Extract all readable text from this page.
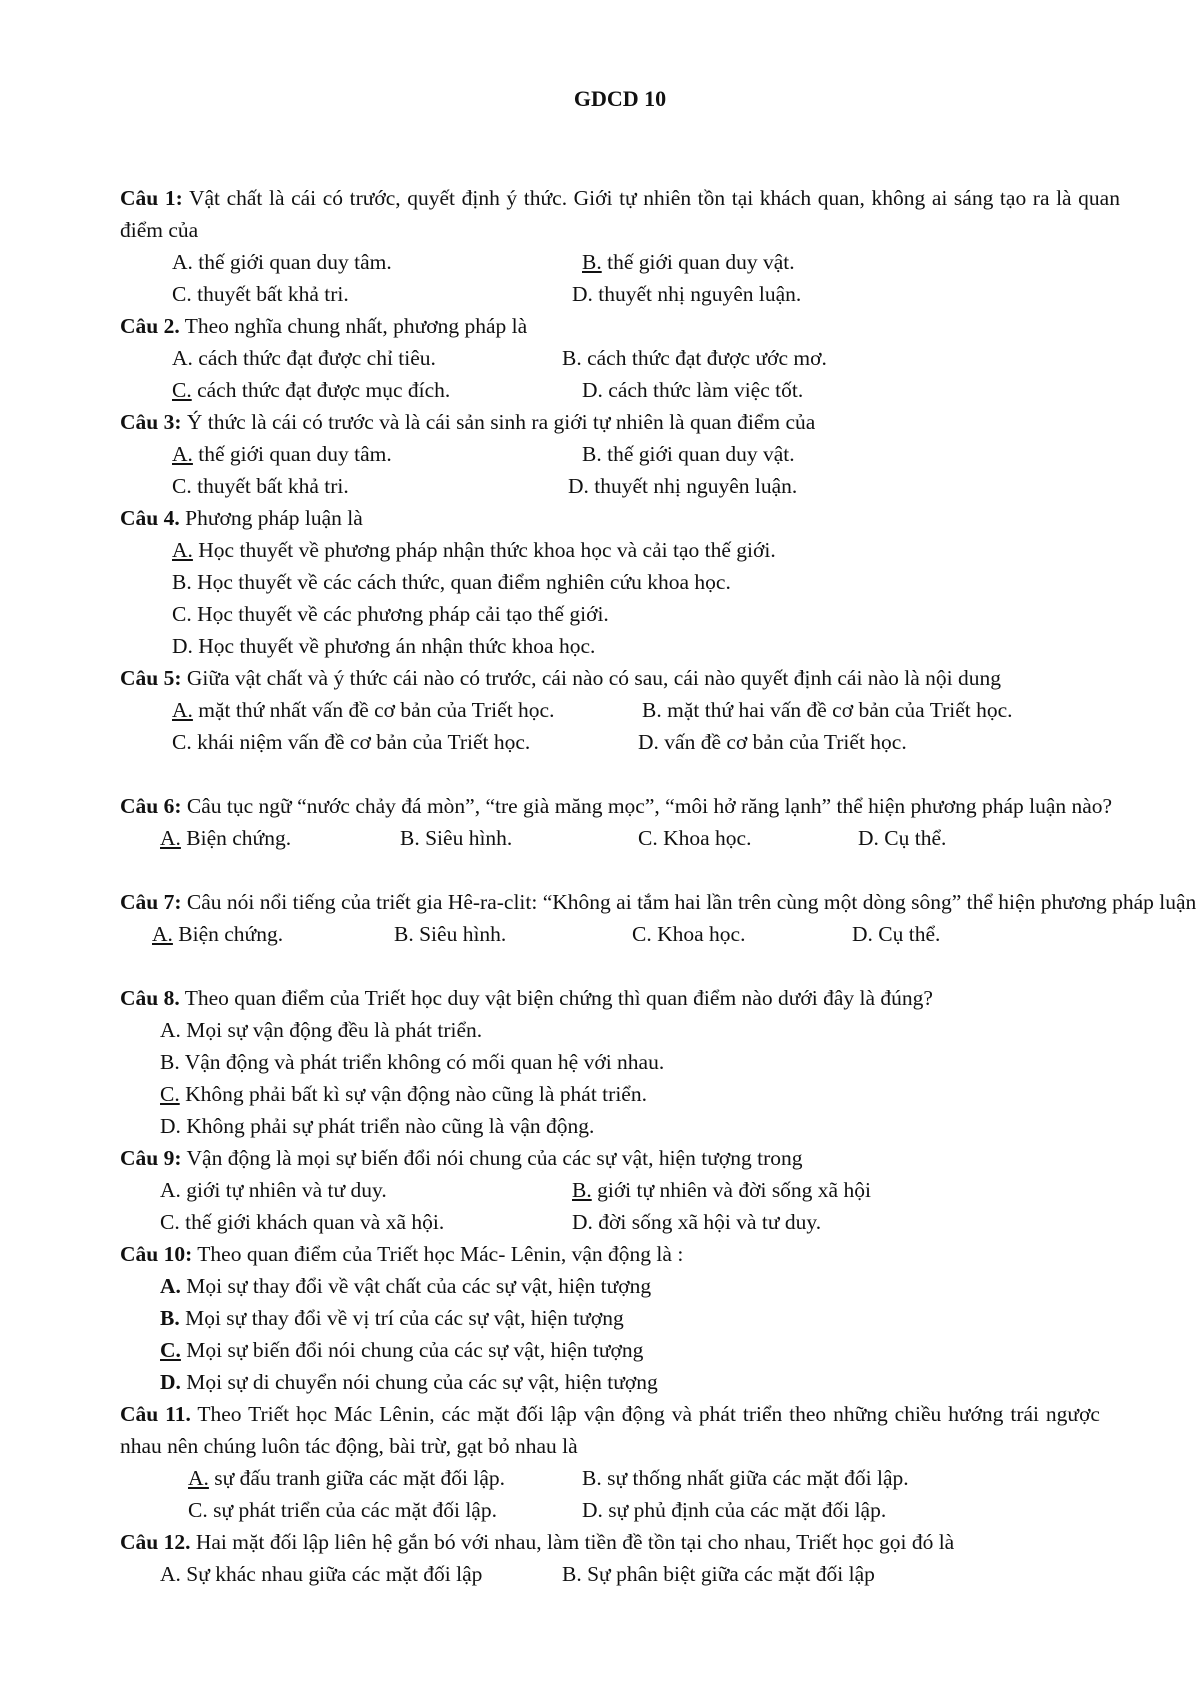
GDCD 10
Câu 1: Vật chất là cái có trước, quyết định ý thức. Giới tự nhiên tồn tại khách quan, không ai sáng tạo ra là quan điểm của
A. thế giới quan duy tâm.	B. thế giới quan duy vật.
C. thuyết bất khả tri.	D. thuyết nhị nguyên luận.
Câu 2. Theo nghĩa chung nhất, phương pháp là
A. cách thức đạt được chỉ tiêu.	B. cách thức đạt được ước mơ.
C. cách thức đạt được mục đích.	D. cách thức làm việc tốt.
Câu 3: Ý thức là cái có trước và là cái sản sinh ra giới tự nhiên là quan điểm của
A. thế giới quan duy tâm.	B. thế giới quan duy vật.
C. thuyết bất khả tri.	D. thuyết nhị nguyên luận.
Câu 4. Phương pháp luận là
A. Học thuyết về phương pháp nhận thức khoa học và cải tạo thế giới.
B. Học thuyết về các cách thức, quan điểm nghiên cứu khoa học.
C. Học thuyết về các phương pháp cải tạo thế giới.
D. Học thuyết về phương án nhận thức khoa học.
Câu 5: Giữa vật chất và ý thức cái nào có trước, cái nào có sau, cái nào quyết định cái nào là nội dung
A. mặt thứ nhất vấn đề cơ bản của Triết học.	B. mặt thứ hai vấn đề cơ bản của Triết học.
C. khái niệm vấn đề cơ bản của Triết học.	D. vấn đề cơ bản của Triết học.
Câu 6: Câu tục ngữ “nước chảy đá mòn”, “tre già măng mọc”, “môi hở răng lạnh” thể hiện phương pháp luận nào?
A. Biện chứng.	B. Siêu hình.	C. Khoa học.	D. Cụ thể.
Câu 7: Câu nói nổi tiếng của triết gia Hê-ra-clit: “Không ai tắm hai lần trên cùng một dòng sông” thể hiện phương pháp luận
A. Biện chứng.	B. Siêu hình.	C. Khoa học.	D. Cụ thể.
Câu 8. Theo quan điểm của Triết học duy vật biện chứng thì quan điểm nào dưới đây là đúng?
A. Mọi sự vận động đều là phát triển.
B. Vận động và phát triển không có mối quan hệ với nhau.
C. Không phải bất kì sự vận động nào cũng là phát triển.
D. Không phải sự phát triển nào cũng là vận động.
Câu 9: Vận động là mọi sự biến đổi nói chung của các sự vật, hiện tượng trong
A. giới tự nhiên và tư duy.	B. giới tự nhiên và đời sống xã hội
C. thế giới khách quan và xã hội.	D. đời sống xã hội và tư duy.
Câu 10: Theo quan điểm của Triết học Mác- Lênin, vận động là :
A. Mọi sự thay đổi về vật chất của các sự vật, hiện tượng
B. Mọi sự thay đổi về vị trí của các sự vật, hiện tượng
C. Mọi sự biến đổi nói chung của các sự vật, hiện tượng
D. Mọi sự di chuyển nói chung của các sự vật, hiện tượng
Câu 11. Theo Triết học Mác Lênin, các mặt đối lập vận động và phát triển theo những chiều hướng trái ngược nhau nên chúng luôn tác động, bài trừ, gạt bỏ nhau là
A. sự đấu tranh giữa các mặt đối lập.	B. sự thống nhất giữa các mặt đối lập.
C. sự phát triển của các mặt đối lập.	D. sự phủ định của các mặt đối lập.
Câu 12. Hai mặt đối lập liên hệ gắn bó với nhau, làm tiền đề tồn tại cho nhau, Triết học gọi đó là
A. Sự khác nhau giữa các mặt đối lập	B. Sự phân biệt giữa các mặt đối lập
